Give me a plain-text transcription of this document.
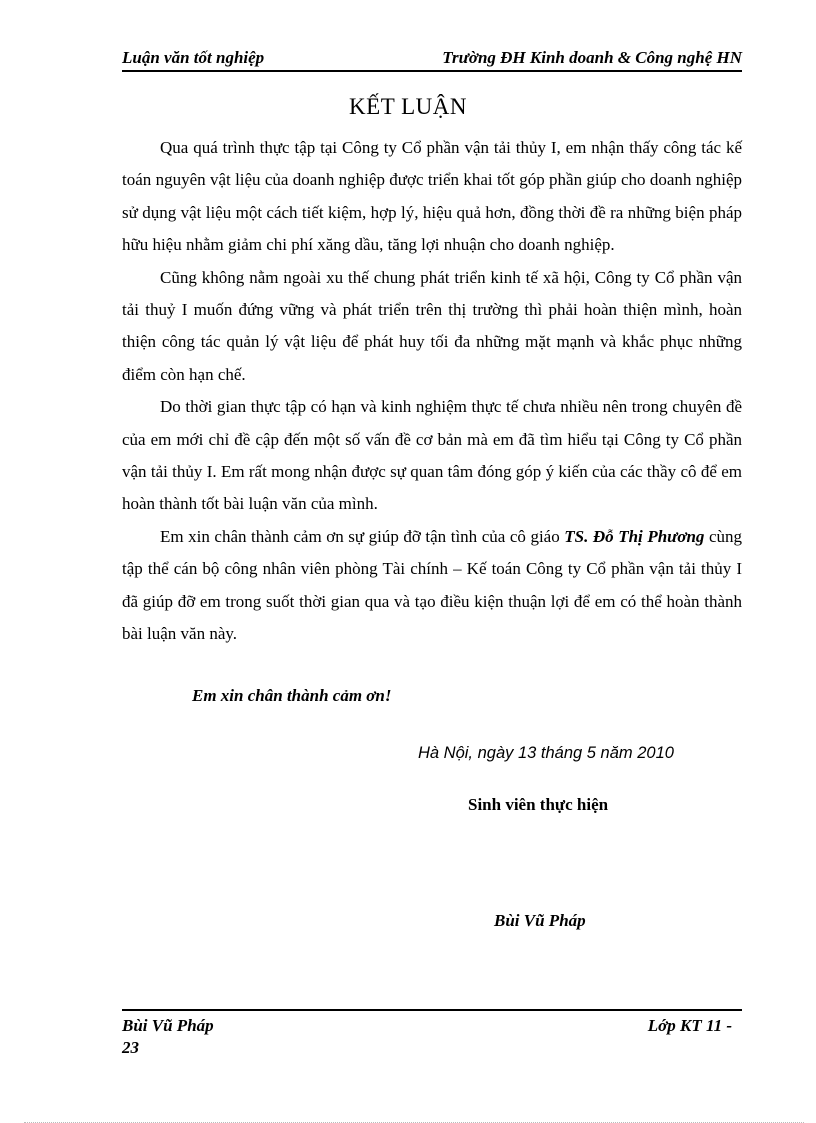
Luận văn tốt nghiệp	Trường ĐH Kinh doanh & Công nghệ HN
KẾT LUẬN

Qua quá trình thực tập tại Công ty Cổ phần vận tải thủy I, em nhận thấy công tác kế toán nguyên vật liệu của doanh nghiệp được triển khai tốt góp phần giúp cho doanh nghiệp sử dụng vật liệu một cách tiết kiệm, hợp lý, hiệu quả hơn, đồng thời đề ra những biện pháp hữu hiệu nhằm giảm chi phí xăng dầu, tăng lợi nhuận cho doanh nghiệp.

Cũng không nằm ngoài xu thế chung phát triển kinh tế xã hội, Công ty Cổ phần vận tải thuỷ I muốn đứng vững và phát triển trên thị trường thì phải hoàn thiện mình, hoàn thiện công tác quản lý vật liệu để phát huy tối đa những mặt mạnh và khắc phục những điểm còn hạn chế.

Do thời gian thực tập có hạn và kinh nghiệm thực tế chưa nhiều nên trong chuyên đề của em mới chỉ đề cập đến một số vấn đề cơ bản mà em đã tìm hiểu tại Công ty Cổ phần vận tải thủy I. Em rất mong nhận được sự quan tâm đóng góp ý kiến của các thầy cô để em hoàn thành tốt bài luận văn của mình.

Em xin chân thành cảm ơn sự giúp đỡ tận tình của cô giáo TS. Đỗ Thị Phương cùng tập thể cán bộ công nhân viên phòng Tài chính – Kế toán Công ty Cổ phần vận tải thủy I đã giúp đỡ em trong suốt thời gian qua và tạo điều kiện thuận lợi để em có thể hoàn thành bài luận văn này.

Em xin chân thành cảm ơn!
Hà Nội, ngày 13 tháng 5 năm 2010
Sinh viên thực hiện
Bùi Vũ Pháp
Bùi Vũ Pháp	Lớp KT 11 -
23
